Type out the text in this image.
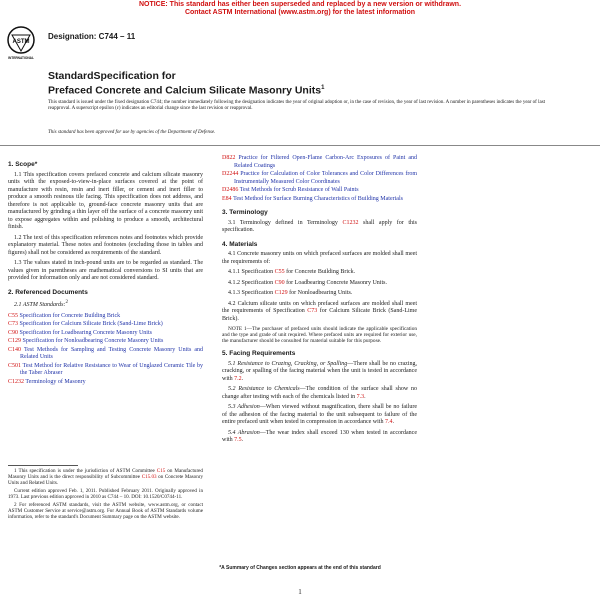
NOTICE: This standard has either been superseded and replaced by a new version or withdrawn.
Contact ASTM International (www.astm.org) for the latest information
ASTM
INTERNATIONAL
Designation: C744 – 11
StandardSpecification for
Prefaced Concrete and Calcium Silicate Masonry Units$^1$
This standard is issued under the fixed designation C744; the number immediately following the designation indicates the year of original adoption or, in the case of revision, the year of last revision. A number in parentheses indicates the year of last reapproval. A superscript epsilon (ε) indicates an editorial change since the last revision or reapproval.
This standard has been approved for use by agencies of the Department of Defense.
1. Scope*

1.1 This specification covers prefaced concrete and calcium silicate masonry units with the exposed-to-view-in-place surfaces covered at the point of manufacture with resin, resin and inert filler, or cement and inert filler to produce a smooth resinous tile facing. This specification does not address, and therefore is not applicable to, ground-face concrete masonry units that are manufactured by grinding a thin layer off the surface of a concrete masonry unit to expose aggregates within and polishing to produce a smooth, architectural finish.

1.2 The text of this specification references notes and footnotes which provide explanatory material. These notes and footnotes (excluding those in tables and figures) shall not be considered as requirements of the standard.

1.3 The values stated in inch-pound units are to be regarded as standard. The values given in parentheses are mathematical conversions to SI units that are provided for information only and are not considered standard.

2. Referenced Documents

2.1 ASTM Standards:$^2$

C55 Specification for Concrete Building Brick
C73 Specification for Calcium Silicate Brick (Sand-Lime Brick)
C90 Specification for Loadbearing Concrete Masonry Units
C129 Specification for Nonloadbearing Concrete Masonry Units
C140 Test Methods for Sampling and Testing Concrete Masonry Units and Related Units
C501 Test Method for Relative Resistance to Wear of Unglazed Ceramic Tile by the Taber Abraser
C1232 Terminology of Masonry

1 This specification is under the jurisdiction of ASTM Committee C15 on Manufactured Masonry Units and is the direct responsibility of Subcommittee C15.03 on Concrete Masonry Units and Related Units.

Current edition approved Feb. 1, 2011. Published February 2011. Originally approved in 1973. Last previous edition approved in 2010 as C744 – 10. DOI: 10.1520/C0744-11.

2 For referenced ASTM standards, visit the ASTM website, www.astm.org, or contact ASTM Customer Service at service@astm.org. For Annual Book of ASTM Standards volume information, refer to the standard's Document Summary page on the ASTM website.

D822 Practice for Filtered Open-Flame Carbon-Arc Exposures of Paint and Related Coatings
D2244 Practice for Calculation of Color Tolerances and Color Differences from Instrumentally Measured Color Coordinates
D2486 Test Methods for Scrub Resistance of Wall Paints
E84 Test Method for Surface Burning Characteristics of Building Materials
3. Terminology

3.1 Terminology defined in Terminology C1232 shall apply for this specification.

4. Materials

4.1 Concrete masonry units on which prefaced surfaces are molded shall meet the requirements of:

4.1.1 Specification C55 for Concrete Building Brick.

4.1.2 Specification C90 for Loadbearing Concrete Masonry Units.

4.1.3 Specification C129 for Nonloadbearing Units.

4.2 Calcium silicate units on which prefaced surfaces are molded shall meet the requirements of Specification C73 for Calcium Silicate Brick (Sand-Lime Brick).

NOTE 1—The purchaser of prefaced units should indicate the applicable specification and the type and grade of unit required. Where prefaced units are required for exterior use, the manufacturer should be consulted for material suitable for this purpose.

5. Facing Requirements

5.1 Resistance to Crazing, Cracking, or Spalling—There shall be no crazing, cracking, or spalling of the facing material when the unit is tested in accordance with 7.2.

5.2 Resistance to Chemicals—The condition of the surface shall show no change after testing with each of the chemicals listed in 7.3.

5.3 Adhesion—When viewed without magnification, there shall be no failure of the adhesion of the facing material to the unit subsequent to failure of the entire prefaced unit when tested in compression in accordance with 7.4.

5.4 Abrasion—The wear index shall exceed 130 when tested in accordance with 7.5.

*A Summary of Changes section appears at the end of this standard
1
